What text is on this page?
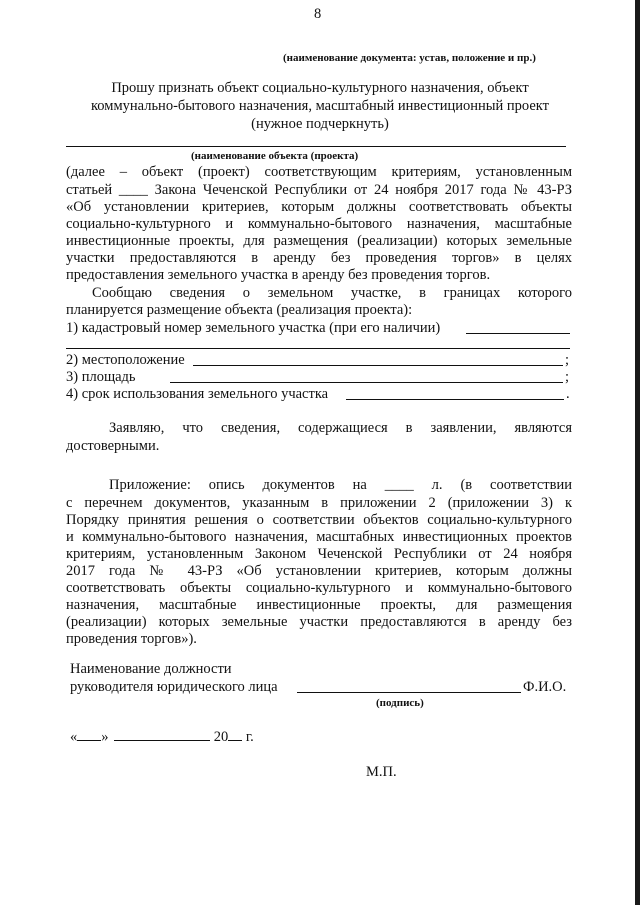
8
(наименование документа: устав, положение и пр.)
Прошу признать объект социально-культурного назначения, объект
коммунально-бытового назначения, масштабный инвестиционный проект
(нужное подчеркнуть)
(наименование объекта (проекта)
(далее – объект (проект) соответствующим критериям, установленным
статьей ____ Закона Чеченской Республики от 24 ноября 2017 года № 43-РЗ
«Об установлении критериев, которым должны соответствовать объекты
социально-культурного и коммунально-бытового назначения, масштабные
инвестиционные проекты, для размещения (реализации) которых земельные
участки предоставляются в аренду без проведения торгов» в целях
предоставления земельного участка в аренду без проведения торгов.
Сообщаю сведения о земельном участке, в границах которого
планируется размещение объекта (реализация проекта):
1) кадастровый номер земельного участка (при его наличии)
2) местоположение	;
3) площадь	;
4) срок использования земельного участка	.
Заявляю, что сведения, содержащиеся в заявлении, являются
достоверными.
Приложение: опись документов на ____ л. (в соответствии
с перечнем документов, указанным в приложении 2 (приложении 3) к
Порядку принятия решения о соответствии объектов социально-культурного
и коммунально-бытового назначения, масштабных инвестиционных проектов
критериям, установленным Законом Чеченской Республики от 24 ноября
2017 года № 43-РЗ «Об установлении критериев, которым должны
соответствовать объекты социально-культурного и коммунально-бытового
назначения, масштабные инвестиционные проекты, для размещения
(реализации) которых земельные участки предоставляются в аренду без
проведения торгов»).
Наименование должности
руководителя юридического лица	Ф.И.О.
(подпись)
« »	20 г.
М.П.
